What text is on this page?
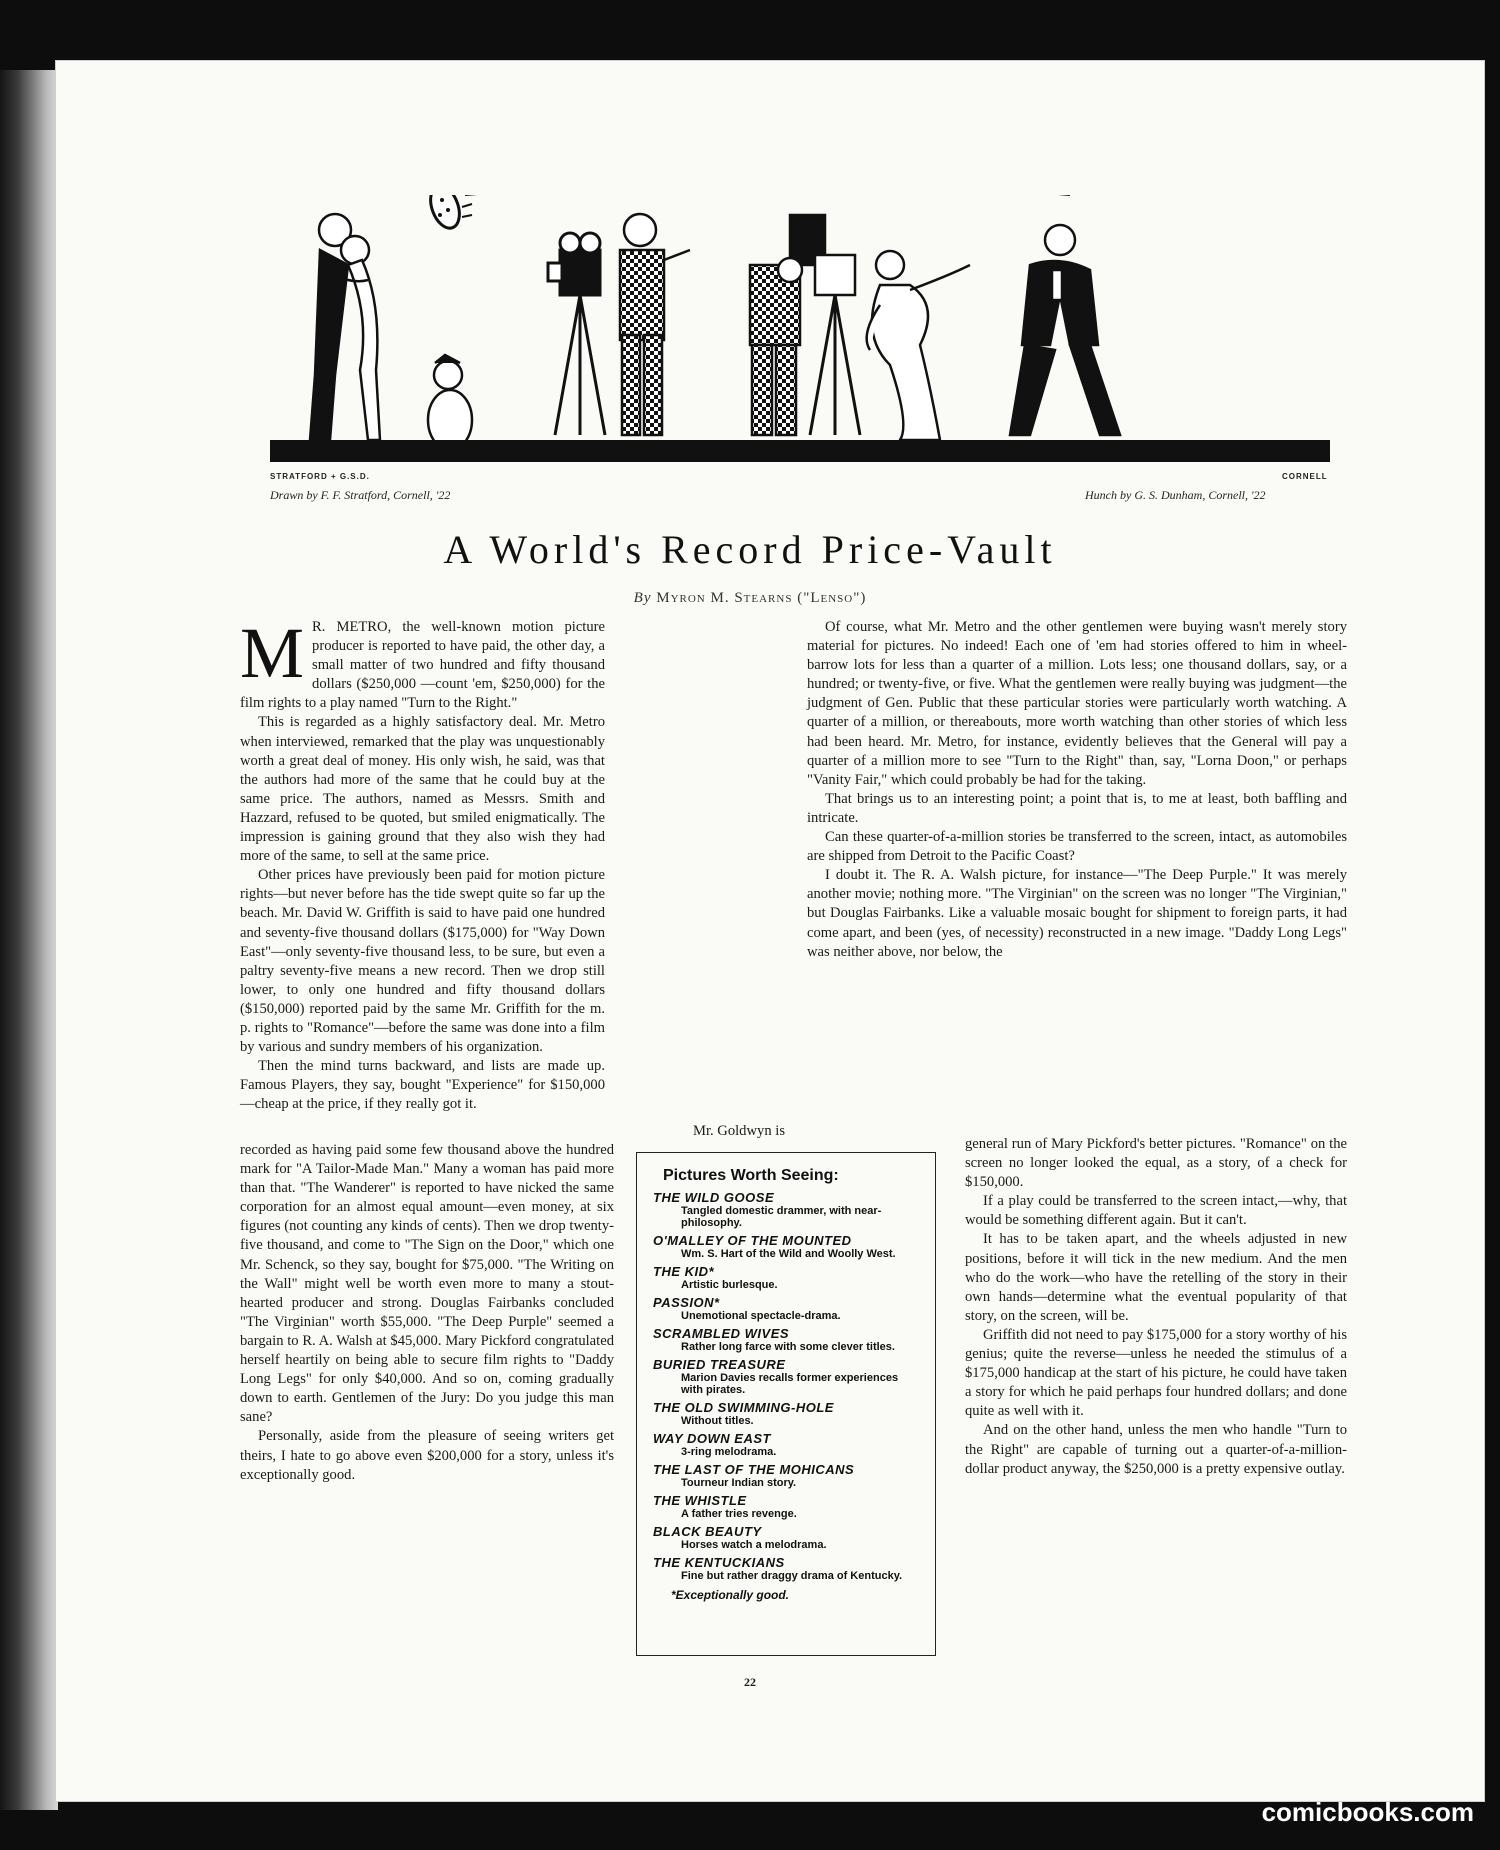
STRATFORD + G.S.D.	CORNELL
Drawn by F. F. Stratford, Cornell, '22	Hunch by G. S. Dunham, Cornell, '22
A World's Record Price-Vault
By Myron M. Stearns ("Lenso")

M R. METRO, the well-known motion picture producer is reported to have paid, the other day, a small matter of two hundred and fifty thousand dollars ($250,000 —count 'em, $250,000) for the film rights to a play named "Turn to the Right."

This is regarded as a highly satisfactory deal. Mr. Metro when interviewed, remarked that the play was unquestionably worth a great deal of money. His only wish, he said, was that the authors had more of the same that he could buy at the same price. The authors, named as Messrs. Smith and Hazzard, refused to be quoted, but smiled enigmatically. The impression is gaining ground that they also wish they had more of the same, to sell at the same price.

Other prices have previously been paid for motion picture rights—but never before has the tide swept quite so far up the beach. Mr. David W. Griffith is said to have paid one hundred and seventy-five thousand dollars ($175,000) for "Way Down East"—only seventy-five thousand less, to be sure, but even a paltry seventy-five means a new record. Then we drop still lower, to only one hundred and fifty thousand dollars ($150,000) reported paid by the same Mr. Griffith for the m. p. rights to "Romance"—before the same was done into a film by various and sundry members of his organization.

Then the mind turns backward, and lists are made up. Famous Players, they say, bought "Experience" for $150,000 —cheap at the price, if they really got it.

Mr. Goldwyn is

recorded as having paid some few thousand above the hundred mark for "A Tailor-Made Man." Many a woman has paid more than that. "The Wanderer" is reported to have nicked the same corporation for an almost equal amount—even money, at six figures (not counting any kinds of cents). Then we drop twenty-five thousand, and come to "The Sign on the Door," which one Mr. Schenck, so they say, bought for $75,000. "The Writing on the Wall" might well be worth even more to many a stout-hearted producer and strong. Douglas Fairbanks concluded "The Virginian" worth $55,000. "The Deep Purple" seemed a bargain to R. A. Walsh at $45,000. Mary Pickford congratulated herself heartily on being able to secure film rights to "Daddy Long Legs" for only $40,000. And so on, coming gradually down to earth. Gentlemen of the Jury: Do you judge this man sane?

Personally, aside from the pleasure of seeing writers get theirs, I hate to go above even $200,000 for a story, unless it's exceptionally good.

Of course, what Mr. Metro and the other gentlemen were buying wasn't merely story material for pictures. No indeed! Each one of 'em had stories offered to him in wheel-barrow lots for less than a quarter of a million. Lots less; one thousand dollars, say, or a hundred; or twenty-five, or five. What the gentlemen were really buying was judgment—the judgment of Gen. Public that these particular stories were particularly worth watching. A quarter of a million, or thereabouts, more worth watching than other stories of which less had been heard. Mr. Metro, for instance, evidently believes that the General will pay a quarter of a million more to see "Turn to the Right" than, say, "Lorna Doon," or perhaps "Vanity Fair," which could probably be had for the taking.

That brings us to an interesting point; a point that is, to me at least, both baffling and intricate.

Can these quarter-of-a-million stories be transferred to the screen, intact, as automobiles are shipped from Detroit to the Pacific Coast?

I doubt it. The R. A. Walsh picture, for instance—"The Deep Purple." It was merely another movie; nothing more. "The Virginian" on the screen was no longer "The Virginian," but Douglas Fairbanks. Like a valuable mosaic bought for shipment to foreign parts, it had come apart, and been (yes, of necessity) reconstructed in a new image. "Daddy Long Legs" was neither above, nor below, the

general run of Mary Pickford's better pictures. "Romance" on the screen no longer looked the equal, as a story, of a check for $150,000.

If a play could be transferred to the screen intact,—why, that would be something different again. But it can't.

It has to be taken apart, and the wheels adjusted in new positions, before it will tick in the new medium. And the men who do the work—who have the retelling of the story in their own hands—determine what the eventual popularity of that story, on the screen, will be.

Griffith did not need to pay $175,000 for a story worthy of his genius; quite the reverse—unless he needed the stimulus of a $175,000 handicap at the start of his picture, he could have taken a story for which he paid perhaps four hundred dollars; and done quite as well with it.

And on the other hand, unless the men who handle "Turn to the Right" are capable of turning out a quarter-of-a-million-dollar product anyway, the $250,000 is a pretty expensive outlay.

Pictures Worth Seeing:
THE WILD GOOSE
Tangled domestic drammer, with near-philosophy.
O'MALLEY OF THE MOUNTED
Wm. S. Hart of the Wild and Woolly West.
THE KID*
Artistic burlesque.
PASSION*
Unemotional spectacle-drama.
SCRAMBLED WIVES
Rather long farce with some clever titles.
BURIED TREASURE
Marion Davies recalls former experiences with pirates.
THE OLD SWIMMING-HOLE
Without titles.
WAY DOWN EAST
3-ring melodrama.
THE LAST OF THE MOHICANS
Tourneur Indian story.
THE WHISTLE
A father tries revenge.
BLACK BEAUTY
Horses watch a melodrama.
THE KENTUCKIANS
Fine but rather draggy drama of Kentucky.
*Exceptionally good.
22
comicbooks.com
